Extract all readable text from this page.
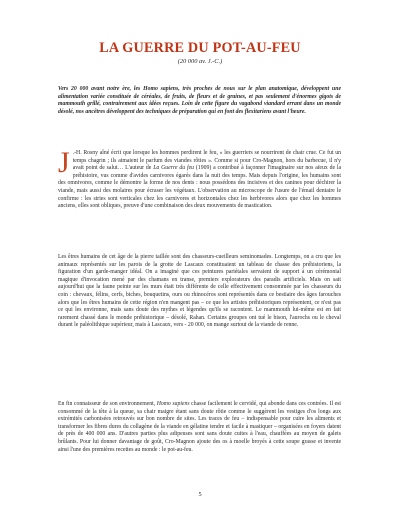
LA GUERRE DU POT-AU-FEU
(20 000 av. J.-C.)
Vers 20 000 avant notre ère, les Homo sapiens, très proches de nous sur le plan anatomique, développent une alimentation variée constituée de céréales, de fruits, de fleurs et de graines, et pas seulement d'énormes gigots de mammouth grillé, contrairement aux idées reçues. Loin de cette figure du vagabond viandard errant dans un monde désolé, nos ancêtres développent des techniques de préparation qui en font des flexitariens avant l'heure.

J .-H. Rosny aîné écrit que lorsque les hommes perdirent le feu, « les guerriers se nourrirent de chair crue. Ce fut un temps chagrin ; ils aimaient le parfum des viandes rôties ». Comme si pour Cro-Magnon, hors du barbecue, il n'y avait point de salut… L'auteur de La Guerre du feu (1909) a contribué à façonner l'imaginaire sur nos aïeux de la préhistoire, vus comme d'avides carnivores égarés dans la nuit des temps. Mais depuis l'origine, les humains sont des omnivores, comme le démontre la forme de nos dents : nous possédons des incisives et des canines pour déchirer la viande, mais aussi des molaires pour écraser les végétaux. L'observation au microscope de l'usure de l'émail dentaire le confirme : les stries sont verticales chez les carnivores et horizontales chez les herbivores alors que chez les hommes anciens, elles sont obliques, preuve d'une combinaison des deux mouvements de mastication.

Les êtres humains de cet âge de la pierre taillée sont des chasseurs-cueilleurs seminomades. Longtemps, on a cru que les animaux représentés sur les parois de la grotte de Lascaux constituaient un tableau de chasse des préhistoriens, la figuration d'un garde-manger idéal. On a imaginé que ces peintures pariétales servaient de support à un cérémonial magique d'invocation mené par des chamans en transe, premiers explorateurs des paradis artificiels. Mais on sait aujourd'hui que la faune peinte sur les murs était très différente de celle effectivement consommée par les chasseurs du coin : chevaux, félins, cerfs, biches, bouquetins, ours ou rhinocéros sont représentés dans ce bestiaire des âges farouches alors que les êtres humains de cette région n'en mangent pas – ce que les artistes préhistoriques représentent, ce n'est pas ce qui les environne, mais sans doute des mythes et légendes qu'ils se racontent. Le mammouth lui-même est en fait rarement chassé dans le monde préhistorique – désolé, Rahan. Certains groupes ont tué le bison, l'aurochs ou le cheval durant le paléolithique supérieur, mais à Lascaux, vers - 20 000, on mange surtout de la viande de renne.

En fin connaisseur de son environnement, Homo sapiens chasse facilement le cervidé, qui abonde dans ces contrées. Il est consommé de la tête à la queue, sa chair maigre étant sans doute rôtie comme le suggèrent les vestiges d'os longs aux extrémités carbonisées retrouvés sur bon nombre de sites. Les traces de feu – indispensable pour cuire les aliments et transformer les fibres dures du collagène de la viande en gélatine tendre et facile à mastiquer – organisées en foyers datent de près de 400 000 ans. D'autres parties plus adipeuses sont sans doute cuites à l'eau, chauffées au moyen de galets brûlants. Pour lui donner davantage de goût, Cro-Magnon ajoute des os à moelle broyés à cette soupe grasse et invente ainsi l'une des premières recettes au monde : le pot-au-feu.

5
